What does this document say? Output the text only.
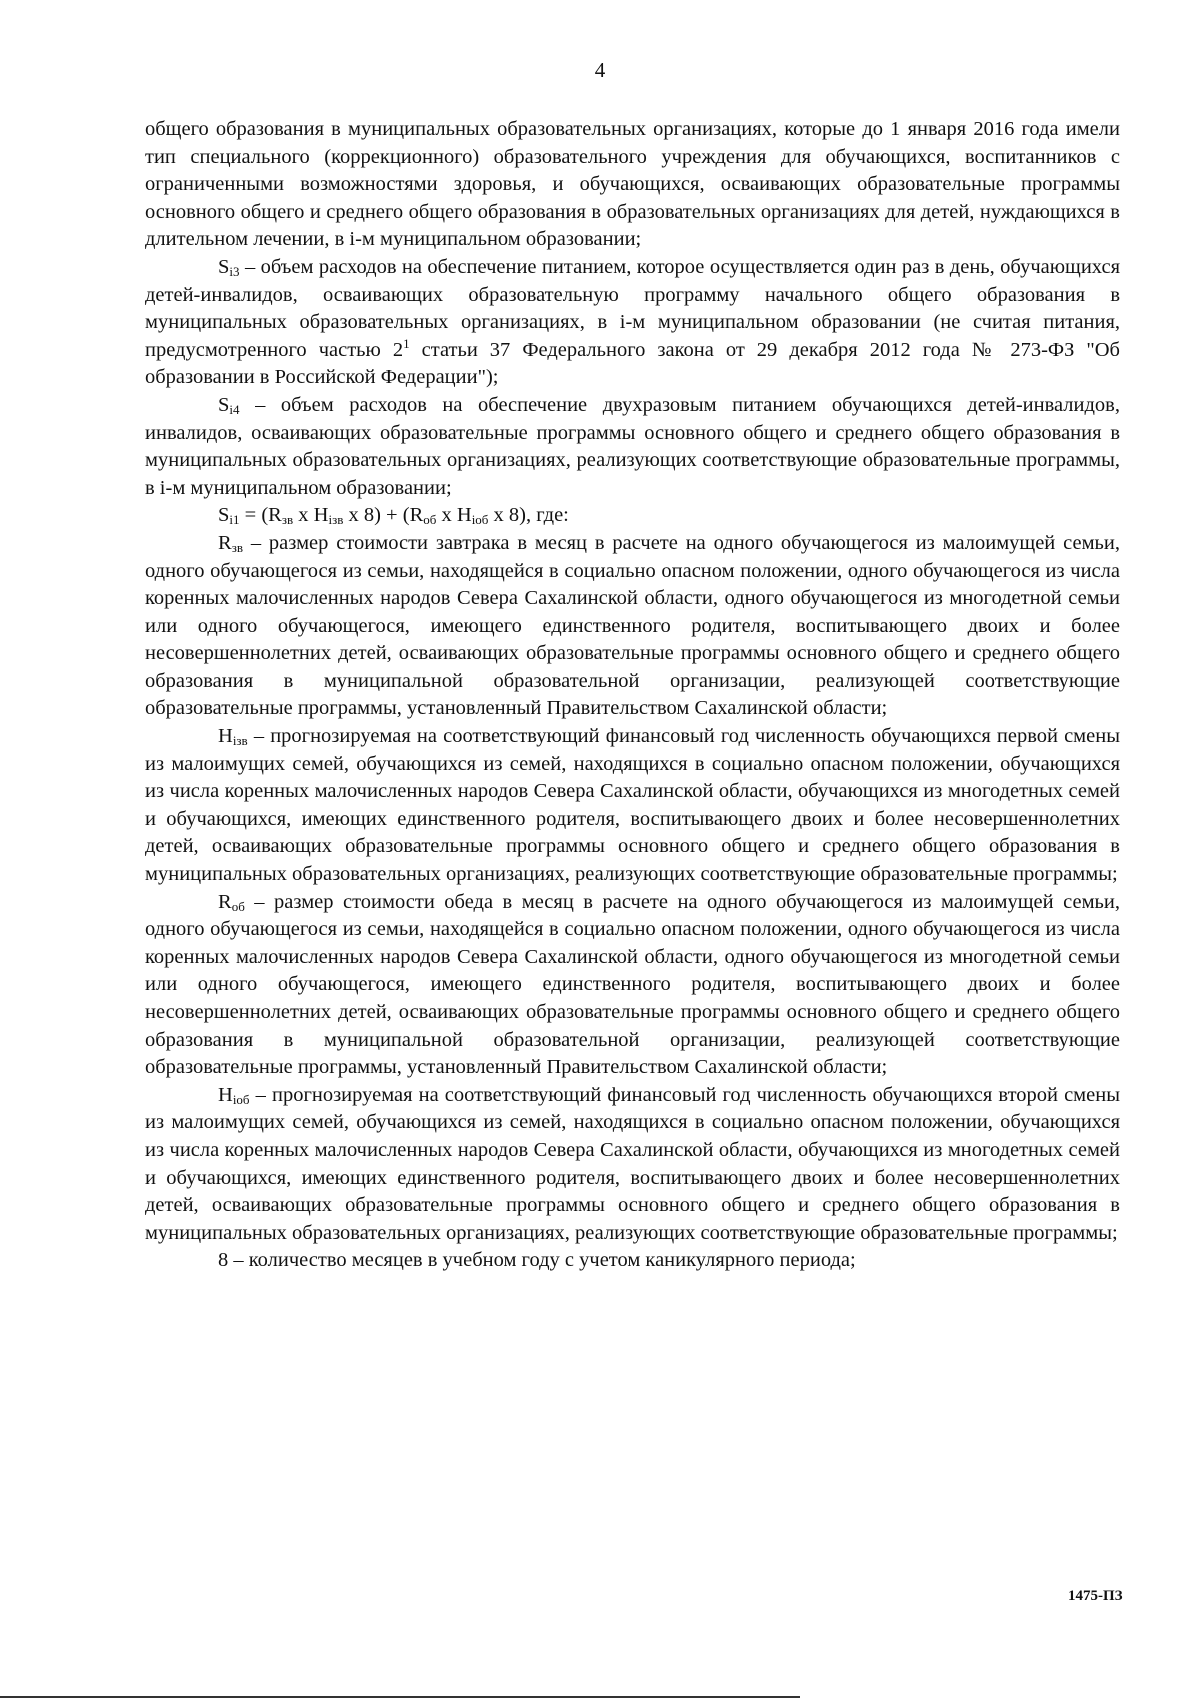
4

общего образования в муниципальных образовательных организациях, которые до 1 января 2016 года имели тип специального (коррекционного) образовательного учреждения для обучающихся, воспитанников с ограниченными возможностями здоровья, и обучающихся, осваивающих образовательные программы основного общего и среднего общего образования в образовательных организациях для детей, нуждающихся в длительном лечении, в i-м муниципальном образовании;

$S_{i3}$ – объем расходов на обеспечение питанием, которое осуществляется один раз в день, обучающихся детей-инвалидов, осваивающих образовательную программу начального общего образования в муниципальных образовательных организациях, в i-м муниципальном образовании (не считая питания, предусмотренного частью $2^1$ статьи 37 Федерального закона от 29 декабря 2012 года № 273-ФЗ "Об образовании в Российской Федерации");

$S_{i4}$ – объем расходов на обеспечение двухразовым питанием обучающихся детей-инвалидов, инвалидов, осваивающих образовательные программы основного общего и среднего общего образования в муниципальных образовательных организациях, реализующих соответствующие образовательные программы, в i-м муниципальном образовании;

$S_{i1} = (R_{зв}$ x $H_{iзв}$ x $8) + (R_{об}$ x $H_{iоб}$ x 8), где:

$R_{зв}$ – размер стоимости завтрака в месяц в расчете на одного обучающегося из малоимущей семьи, одного обучающегося из семьи, находящейся в социально опасном положении, одного обучающегося из числа коренных малочисленных народов Севера Сахалинской области, одного обучающегося из многодетной семьи или одного обучающегося, имеющего единственного родителя, воспитывающего двоих и более несовершеннолетних детей, осваивающих образовательные программы основного общего и среднего общего образования в муниципальной образовательной организации, реализующей соответствующие образовательные программы, установленный Правительством Сахалинской области;

$H_{iзв}$ – прогнозируемая на соответствующий финансовый год численность обучающихся первой смены из малоимущих семей, обучающихся из семей, находящихся в социально опасном положении, обучающихся из числа коренных малочисленных народов Севера Сахалинской области, обучающихся из многодетных семей и обучающихся, имеющих единственного родителя, воспитывающего двоих и более несовершеннолетних детей, осваивающих образовательные программы основного общего и среднего общего образования в муниципальных образовательных организациях, реализующих соответствующие образовательные программы;

$R_{об}$ – размер стоимости обеда в месяц в расчете на одного обучающегося из малоимущей семьи, одного обучающегося из семьи, находящейся в социально опасном положении, одного обучающегося из числа коренных малочисленных народов Севера Сахалинской области, одного обучающегося из многодетной семьи или одного обучающегося, имеющего единственного родителя, воспитывающего двоих и более несовершеннолетних детей, осваивающих образовательные программы основного общего и среднего общего образования в муниципальной образовательной организации, реализующей соответствующие образовательные программы, установленный Правительством Сахалинской области;

$H_{iоб}$ – прогнозируемая на соответствующий финансовый год численность обучающихся второй смены из малоимущих семей, обучающихся из семей, находящихся в социально опасном положении, обучающихся из числа коренных малочисленных народов Севера Сахалинской области, обучающихся из многодетных семей и обучающихся, имеющих единственного родителя, воспитывающего двоих и более несовершеннолетних детей, осваивающих образовательные программы основного общего и среднего общего образования в муниципальных образовательных организациях, реализующих соответствующие образовательные программы;

8 – количество месяцев в учебном году с учетом каникулярного периода;

1475-ПЗ
